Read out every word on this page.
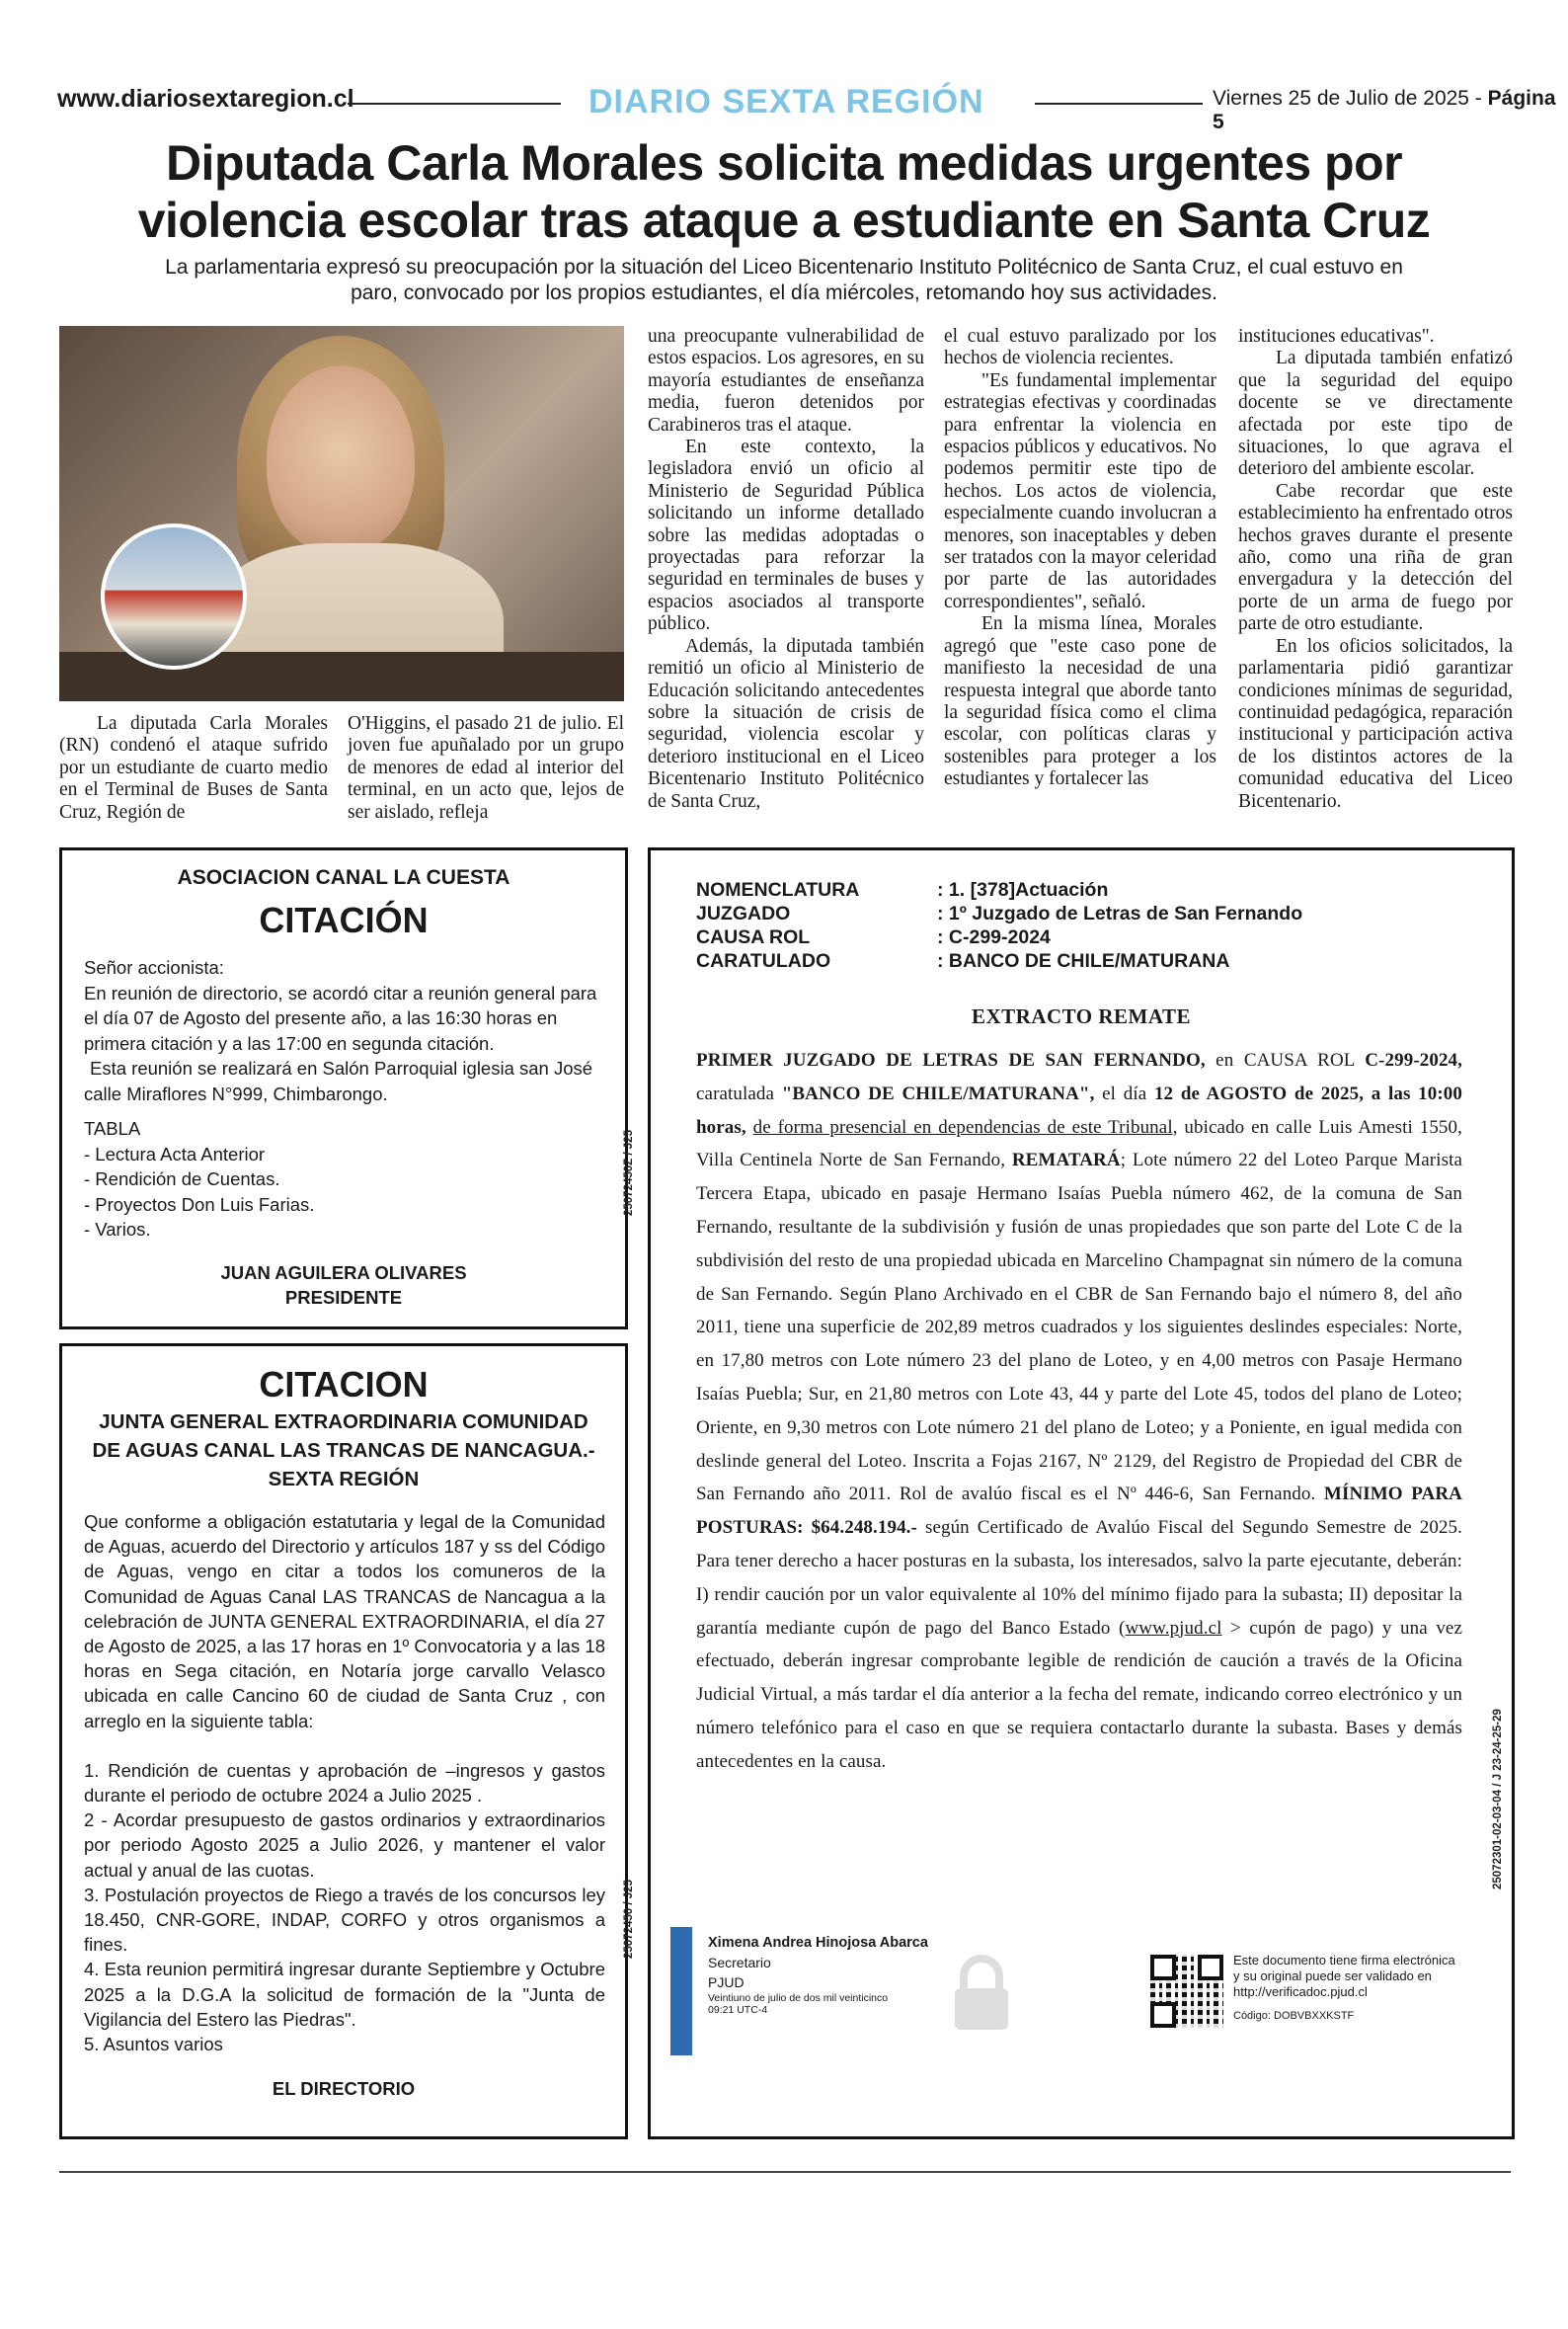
www.diariosextaregion.cl	DIARIO SEXTA REGIÓN	Viernes 25 de Julio de 2025 - Página 5
Diputada Carla Morales solicita medidas urgentes por violencia escolar tras ataque a estudiante en Santa Cruz
La parlamentaria expresó su preocupación por la situación del Liceo Bicentenario Instituto Politécnico de Santa Cruz, el cual estuvo en paro, convocado por los propios estudiantes, el día miércoles, retomando hoy sus actividades.

La diputada Carla Morales (RN) condenó el ataque sufrido por un estudiante de cuarto medio en el Terminal de Buses de Santa Cruz, Región de

O'Higgins, el pasado 21 de julio. El joven fue apuñalado por un grupo de menores de edad al interior del terminal, en un acto que, lejos de ser aislado, refleja

una preocupante vulnerabilidad de estos espacios. Los agresores, en su mayoría estudiantes de enseñanza media, fueron detenidos por Carabineros tras el ataque.

En este contexto, la legisladora envió un oficio al Ministerio de Seguridad Pública solicitando un informe detallado sobre las medidas adoptadas o proyectadas para reforzar la seguridad en terminales de buses y espacios asociados al transporte público.

Además, la diputada también remitió un oficio al Ministerio de Educación solicitando antecedentes sobre la situación de crisis de seguridad, violencia escolar y deterioro institucional en el Liceo Bicentenario Instituto Politécnico de Santa Cruz,

el cual estuvo paralizado por los hechos de violencia recientes.

"Es fundamental implementar estrategias efectivas y coordinadas para enfrentar la violencia en espacios públicos y educativos. No podemos permitir este tipo de hechos. Los actos de violencia, especialmente cuando involucran a menores, son inaceptables y deben ser tratados con la mayor celeridad por parte de las autoridades correspondientes", señaló.

En la misma línea, Morales agregó que "este caso pone de manifiesto la necesidad de una respuesta integral que aborde tanto la seguridad física como el clima escolar, con políticas claras y sostenibles para proteger a los estudiantes y fortalecer las

instituciones educativas".

La diputada también enfatizó que la seguridad del equipo docente se ve directamente afectada por este tipo de situaciones, lo que agrava el deterioro del ambiente escolar.

Cabe recordar que este establecimiento ha enfrentado otros hechos graves durante el presente año, como una riña de gran envergadura y la detección del porte de un arma de fuego por parte de otro estudiante.

En los oficios solicitados, la parlamentaria pidió garantizar condiciones mínimas de seguridad, continuidad pedagógica, reparación institucional y participación activa de los distintos actores de la comunidad educativa del Liceo Bicentenario.

ASOCIACION CANAL LA CUESTA
CITACIÓN
Señor accionista:
En reunión de directorio, se acordó citar a reunión general para el día 07 de Agosto del presente año, a las 16:30 horas en primera citación y a las 17:00 en segunda citación.
Esta reunión se realizará en Salón Parroquial iglesia san José calle Miraflores N°999, Chimbarongo.
TABLA
- Lectura Acta Anterior
- Rendición de Cuentas.
- Proyectos Don Luis Farias.
- Varios.
JUAN AGUILERA OLIVARES
PRESIDENTE
25072450Z / J25
CITACION
JUNTA GENERAL EXTRAORDINARIA COMUNIDAD DE AGUAS CANAL LAS TRANCAS DE NANCAGUA.- SEXTA REGIÓN

Que conforme a obligación estatutaria y legal de la Comunidad de Aguas, acuerdo del Directorio y artículos 187 y ss del Código de Aguas, vengo en citar a todos los comuneros de la Comunidad de Aguas Canal LAS TRANCAS de Nancagua a la celebración de JUNTA GENERAL EXTRAORDINARIA, el día 27 de Agosto de 2025, a las 17 horas en 1º Convocatoria y a las 18 horas en Sega citación, en Notaría jorge carvallo Velasco ubicada en calle Cancino 60 de ciudad de Santa Cruz , con arreglo en la siguiente tabla:

1. Rendición de cuentas y aprobación de –ingresos y gastos durante el periodo de octubre 2024 a Julio 2025 .
2 - Acordar presupuesto de gastos ordinarios y extraordinarios por periodo Agosto 2025 a Julio 2026, y mantener el valor actual y anual de las cuotas.
3. Postulación proyectos de Riego a través de los concursos ley 18.450, CNR-GORE, INDAP, CORFO y otros organismos a fines.
4. Esta reunion permitirá ingresar durante Septiembre y Octubre 2025 a la D.G.A la solicitud de formación de la "Junta de Vigilancia del Estero las Piedras".
5. Asuntos varios
EL DIRECTORIO
25072450 / J25
NOMENCLATURA	: 1. [378]Actuación
JUZGADO	: 1º Juzgado de Letras de San Fernando
CAUSA ROL	: C-299-2024
CARATULADO	: BANCO DE CHILE/MATURANA
EXTRACTO REMATE
PRIMER JUZGADO DE LETRAS DE SAN FERNANDO, en CAUSA ROL C-299-2024, caratulada "BANCO DE CHILE/MATURANA", el día 12 de AGOSTO de 2025, a las 10:00 horas, de forma presencial en dependencias de este Tribunal, ubicado en calle Luis Amesti 1550, Villa Centinela Norte de San Fernando, REMATARÁ; Lote número 22 del Loteo Parque Marista Tercera Etapa, ubicado en pasaje Hermano Isaías Puebla número 462, de la comuna de San Fernando, resultante de la subdivisión y fusión de unas propiedades que son parte del Lote C de la subdivisión del resto de una propiedad ubicada en Marcelino Champagnat sin número de la comuna de San Fernando. Según Plano Archivado en el CBR de San Fernando bajo el número 8, del año 2011, tiene una superficie de 202,89 metros cuadrados y los siguientes deslindes especiales: Norte, en 17,80 metros con Lote número 23 del plano de Loteo, y en 4,00 metros con Pasaje Hermano Isaías Puebla; Sur, en 21,80 metros con Lote 43, 44 y parte del Lote 45, todos del plano de Loteo; Oriente, en 9,30 metros con Lote número 21 del plano de Loteo; y a Poniente, en igual medida con deslinde general del Loteo. Inscrita a Fojas 2167, Nº 2129, del Registro de Propiedad del CBR de San Fernando año 2011. Rol de avalúo fiscal es el Nº 446-6, San Fernando. MÍNIMO PARA POSTURAS: $64.248.194.- según Certificado de Avalúo Fiscal del Segundo Semestre de 2025. Para tener derecho a hacer posturas en la subasta, los interesados, salvo la parte ejecutante, deberán: I) rendir caución por un valor equivalente al 10% del mínimo fijado para la subasta; II) depositar la garantía mediante cupón de pago del Banco Estado (www.pjud.cl > cupón de pago) y una vez efectuado, deberán ingresar comprobante legible de rendición de caución a través de la Oficina Judicial Virtual, a más tardar el día anterior a la fecha del remate, indicando correo electrónico y un número telefónico para el caso en que se requiera contactarlo durante la subasta. Bases y demás antecedentes en la causa.
Ximena Andrea Hinojosa Abarca
Secretario
PJUD
Veintiuno de julio de dos mil veinticinco
09:21 UTC-4
Este documento tiene firma electrónica
y su original puede ser validado en
http://verificadoc.pjud.cl
Código: DOBVBXXKSTF
25072301-02-03-04 / J 23-24-25-29
